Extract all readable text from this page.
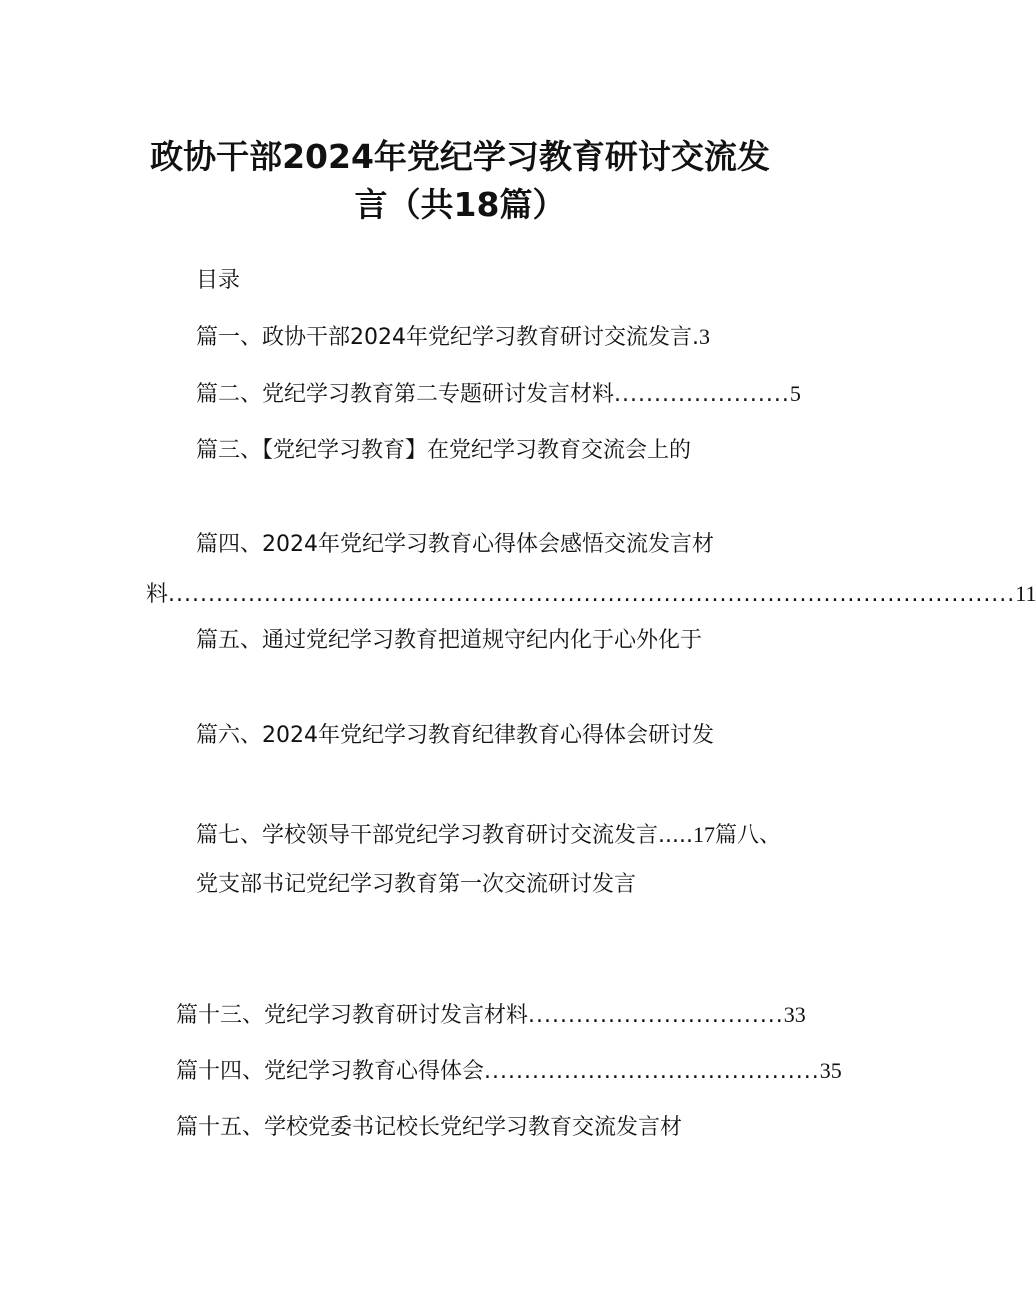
政协干部2024年党纪学习教育研讨交流发
言（共18篇）
目录
篇一、政协干部2024年党纪学习教育研讨交流发言 . 3
篇二、党纪学习教育第二专题研讨发言材料 ...................... 5
篇三、【党纪学习教育】在党纪学习教育交流会上的
篇四、2024年党纪学习教育心得体会感悟交流发言材
料 .......................................................................................................... 11
篇五、通过党纪学习教育把道规守纪内化于心外化于
篇六、2024年党纪学习教育纪律教育心得体会研讨发
篇七、学校领导干部党纪学习教育研讨交流发言 ..... 17 篇八、
党支部书记党纪学习教育第一次交流研讨发言
篇十三、党纪学习教育研讨发言材料 ................................ 33
篇十四、党纪学习教育心得体会 .......................................... 35
篇十五、学校党委书记校长党纪学习教育交流发言材
